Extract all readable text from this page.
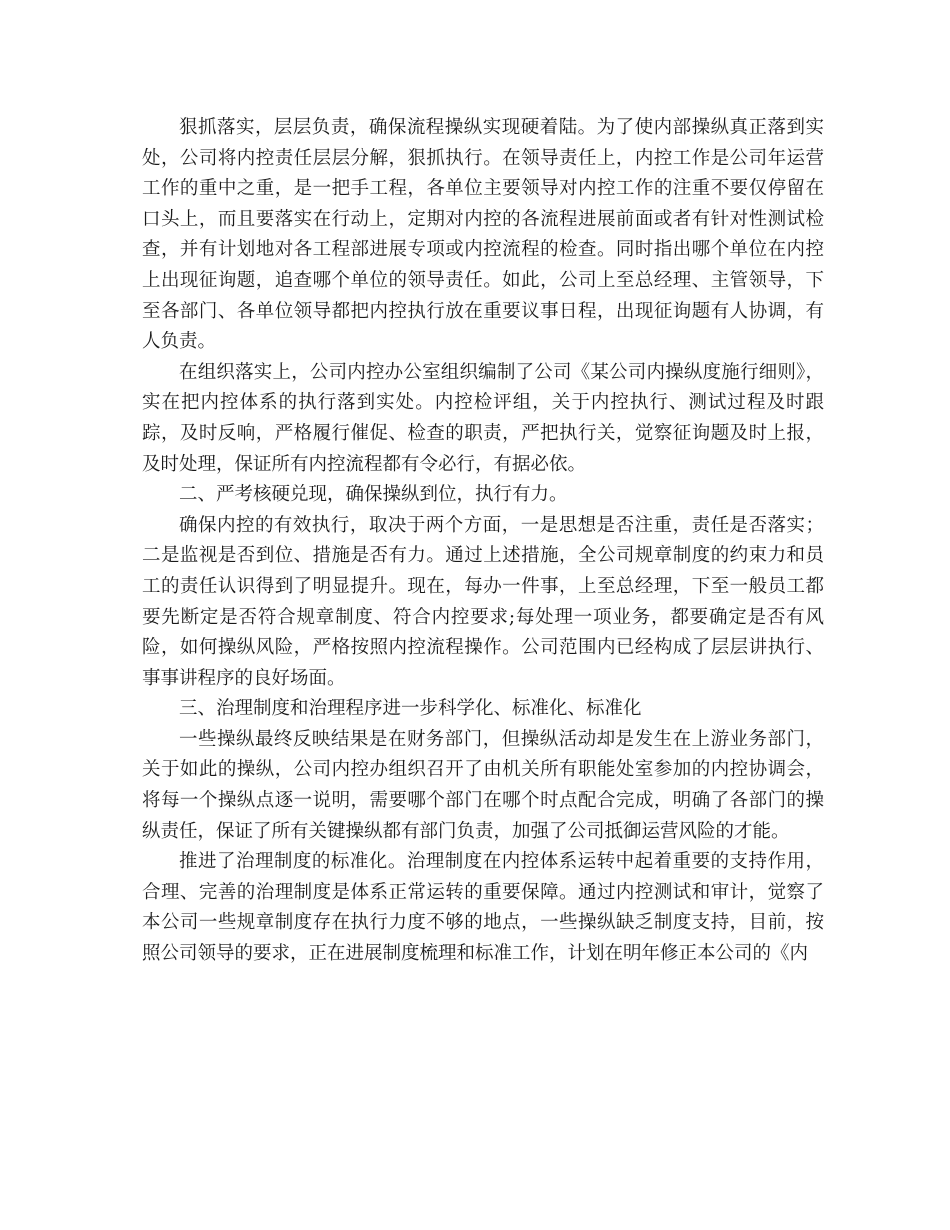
狠抓落实，层层负责，确保流程操纵实现硬着陆。为了使内部操纵真正落到实处，公司将内控责任层层分解，狠抓执行。在领导责任上，内控工作是公司年运营工作的重中之重，是一把手工程，各单位主要领导对内控工作的注重不要仅停留在口头上，而且要落实在行动上，定期对内控的各流程进展前面或者有针对性测试检查，并有计划地对各工程部进展专项或内控流程的检查。同时指出哪个单位在内控上出现征询题，追查哪个单位的领导责任。如此，公司上至总经理、主管领导，下至各部门、各单位领导都把内控执行放在重要议事日程，出现征询题有人协调，有人负责。

在组织落实上，公司内控办公室组织编制了公司《某公司内操纵度施行细则》，实在把内控体系的执行落到实处。内控检评组，关于内控执行、测试过程及时跟踪，及时反响，严格履行催促、检查的职责，严把执行关，觉察征询题及时上报，及时处理，保证所有内控流程都有令必行，有据必依。

二、严考核硬兑现，确保操纵到位，执行有力。

确保内控的有效执行，取决于两个方面，一是思想是否注重，责任是否落实；二是监视是否到位、措施是否有力。通过上述措施，全公司规章制度的约束力和员工的责任认识得到了明显提升。现在，每办一件事，上至总经理，下至一般员工都要先断定是否符合规章制度、符合内控要求;每处理一项业务，都要确定是否有风险，如何操纵风险，严格按照内控流程操作。公司范围内已经构成了层层讲执行、事事讲程序的良好场面。

三、治理制度和治理程序进一步科学化、标准化、标准化

一些操纵最终反映结果是在财务部门，但操纵活动却是发生在上游业务部门，关于如此的操纵，公司内控办组织召开了由机关所有职能处室参加的内控协调会，将每一个操纵点逐一说明，需要哪个部门在哪个时点配合完成，明确了各部门的操纵责任，保证了所有关键操纵都有部门负责，加强了公司抵御运营风险的才能。

推进了治理制度的标准化。治理制度在内控体系运转中起着重要的支持作用，合理、完善的治理制度是体系正常运转的重要保障。通过内控测试和审计，觉察了本公司一些规章制度存在执行力度不够的地点，一些操纵缺乏制度支持，目前，按照公司领导的要求，正在进展制度梳理和标准工作，计划在明年修正本公司的《内
